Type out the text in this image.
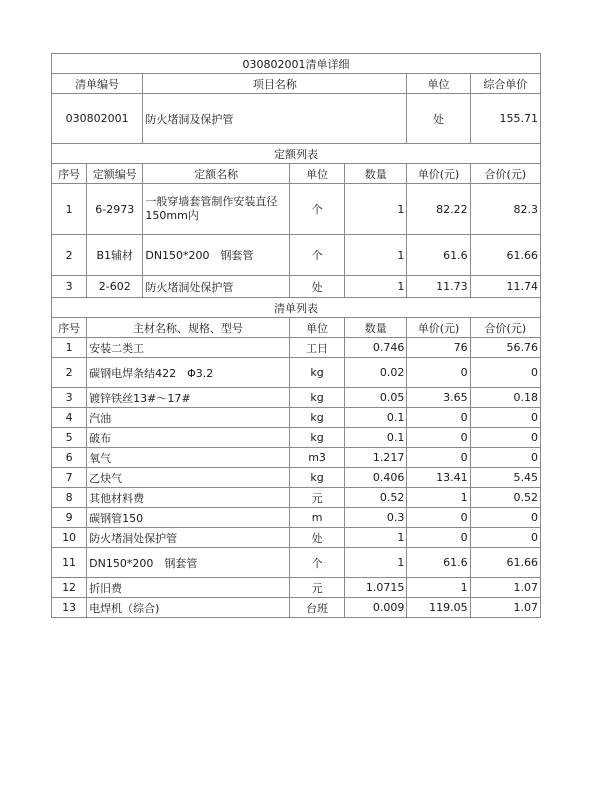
030802001清单详细						
清单编号		项目名称			单位	综合单价
030802001		防火堵洞及保护管			处	155.71
定额列表						
序号	定额编号	定额名称	单位	数量	单价(元)	合价(元)
1	6-2973	一般穿墙套管制作安装直径150mm内	个	1	82.22	82.3
2	B1辅材	DN150*200　钢套管	个	1	61.6	61.66
3	2-602	防火堵洞处保护管	处	1	11.73	11.74
清单列表						
序号	主材名称、规格、型号		单位	数量	单价(元)	合价(元)
1	安装二类工		工日	0.746	76	56.76
2	碳钢电焊条结422　Φ3.2		kg	0.02	0	0
3	镀锌铁丝13#～17#		kg	0.05	3.65	0.18
4	汽油		kg	0.1	0	0
5	破布		kg	0.1	0	0
6	氧气		m3	1.217	0	0
7	乙炔气		kg	0.406	13.41	5.45
8	其他材料费		元	0.52	1	0.52
9	碳钢管150		m	0.3	0	0
10	防火堵洞处保护管		处	1	0	0
11	DN150*200　钢套管		个	1	61.6	61.66
12	折旧费		元	1.0715	1	1.07
13	电焊机（综合)		台班	0.009	119.05	1.07
